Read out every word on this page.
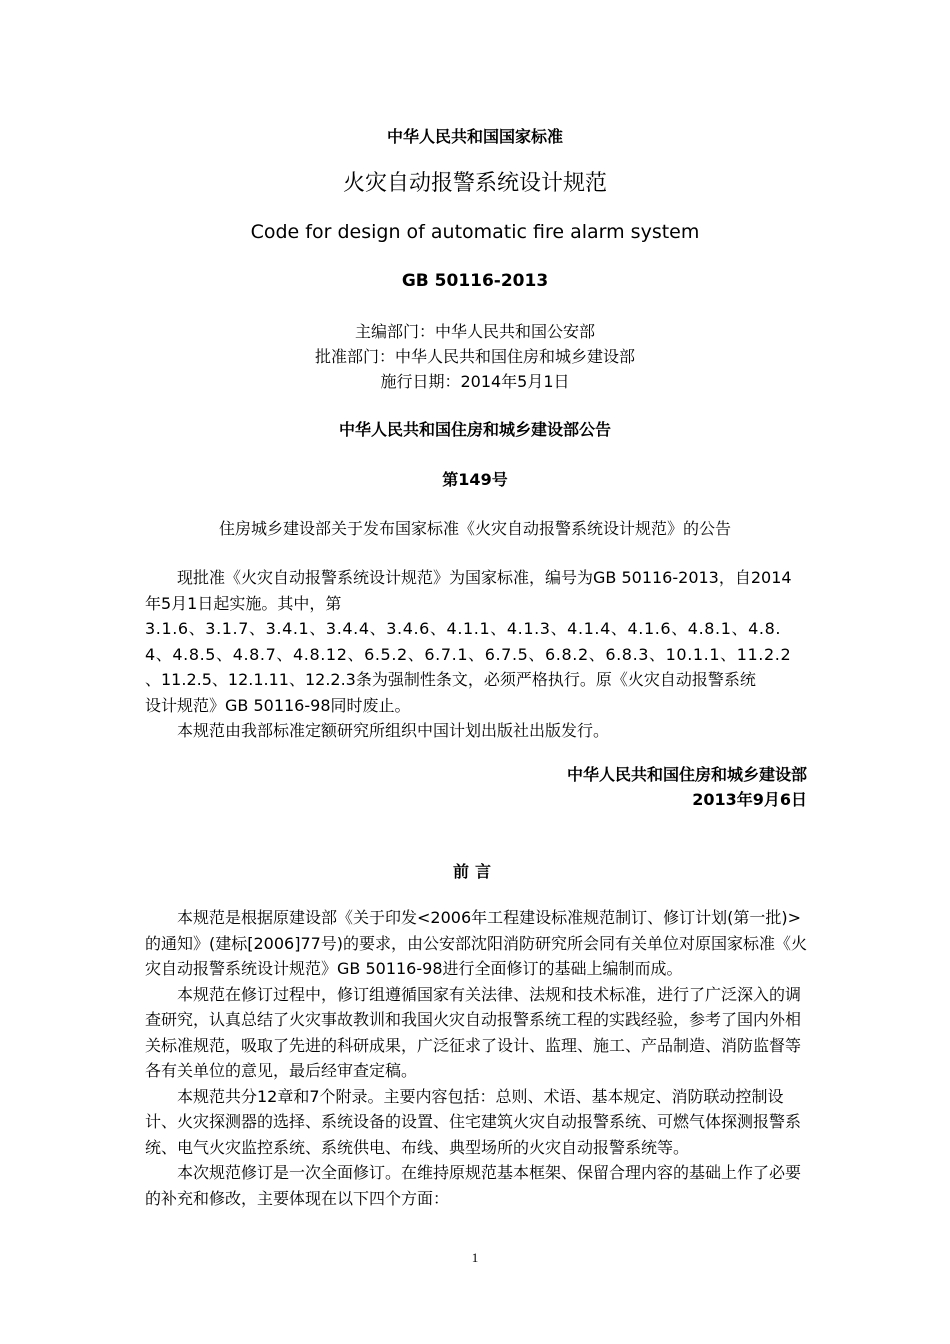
中华人民共和国国家标准
火灾自动报警系统设计规范
Code for design of automatic fire alarm system
GB 50116-2013
主编部门：中华人民共和国公安部
批准部门：中华人民共和国住房和城乡建设部
施行日期：2014年5月1日
中华人民共和国住房和城乡建设部公告
第149号
住房城乡建设部关于发布国家标准《火灾自动报警系统设计规范》的公告
现批准《火灾自动报警系统设计规范》为国家标准，编号为GB 50116-2013，自2014
年5月1日起实施。其中，第
3.1.6、3.1.7、3.4.1、3.4.4、3.4.6、4.1.1、4.1.3、4.1.4、4.1.6、4.8.1、4.8.
4、4.8.5、4.8.7、4.8.12、6.5.2、6.7.1、6.7.5、6.8.2、6.8.3、10.1.1、11.2.2
、11.2.5、12.1.11、12.2.3条为强制性条文，必须严格执行。原《火灾自动报警系统
设计规范》GB 50116-98同时废止。

本规范由我部标准定额研究所组织中国计划出版社出版发行。

中华人民共和国住房和城乡建设部
2013年9月6日
前言

本规范是根据原建设部《关于印发<2006年工程建设标准规范制订、修订计划(第一批)>的通知》(建标[2006]77号)的要求，由公安部沈阳消防研究所会同有关单位对原国家标准《火灾自动报警系统设计规范》GB 50116-98进行全面修订的基础上编制而成。

本规范在修订过程中，修订组遵循国家有关法律、法规和技术标准，进行了广泛深入的调查研究，认真总结了火灾事故教训和我国火灾自动报警系统工程的实践经验，参考了国内外相关标准规范，吸取了先进的科研成果，广泛征求了设计、监理、施工、产品制造、消防监督等各有关单位的意见，最后经审查定稿。

本规范共分12章和7个附录。主要内容包括：总则、术语、基本规定、消防联动控制设计、火灾探测器的选择、系统设备的设置、住宅建筑火灾自动报警系统、可燃气体探测报警系统、电气火灾监控系统、系统供电、布线、典型场所的火灾自动报警系统等。

本次规范修订是一次全面修订。在维持原规范基本框架、保留合理内容的基础上作了必要的补充和修改，主要体现在以下四个方面：

1
